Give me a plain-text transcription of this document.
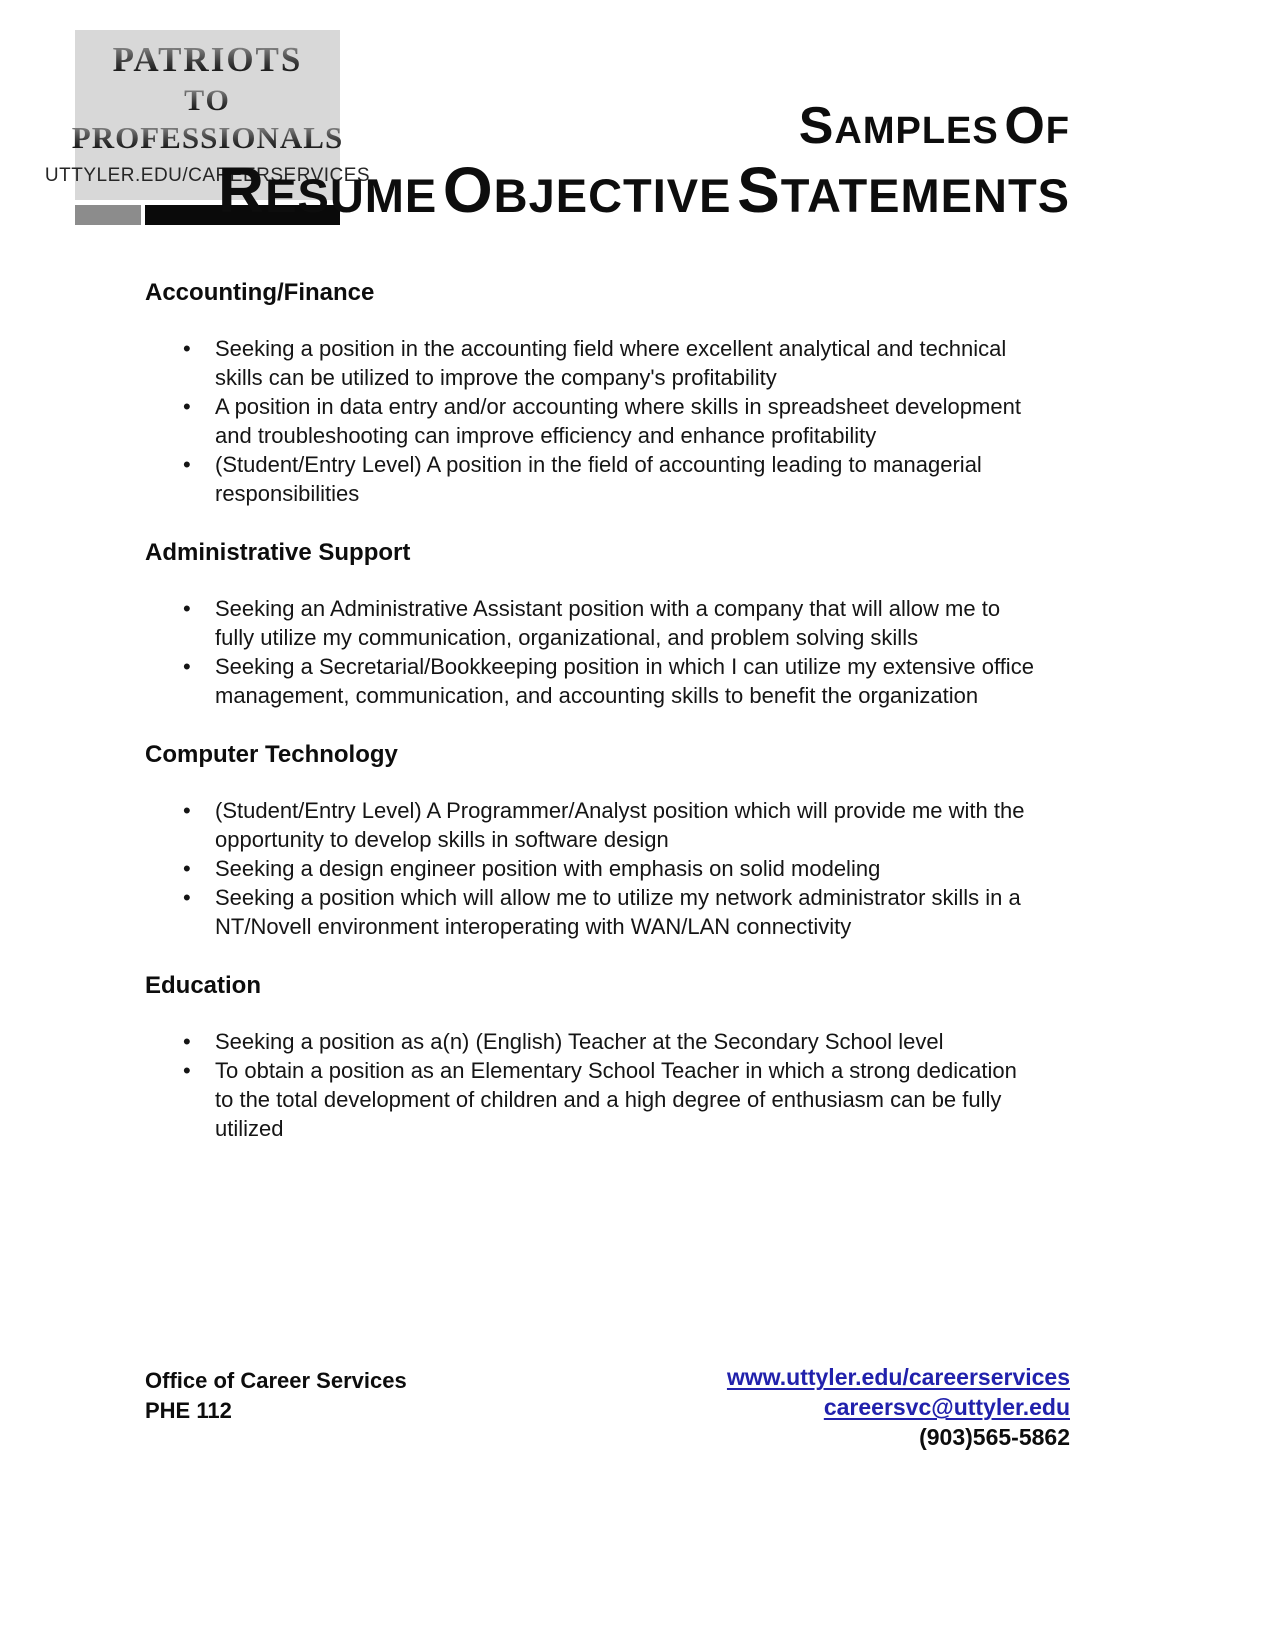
PATRIOTS
TO
PROFESSIONALS
UTTYLER.EDU/CAREERSERVICES
SAMPLES OF
RESUMEOBJECTIVESTATEMENTS
Accounting/Finance
• Seeking a position in the accounting field where excellent analytical and technical skills can be utilized to improve the company's profitability
• A position in data entry and/or accounting where skills in spreadsheet development and troubleshooting can improve efficiency and enhance profitability
• (Student/Entry Level) A position in the field of accounting leading to managerial responsibilities
Administrative Support
• Seeking an Administrative Assistant position with a company that will allow me to fully utilize my communication, organizational, and problem solving skills
• Seeking a Secretarial/Bookkeeping position in which I can utilize my extensive office management, communication, and accounting skills to benefit the organization
Computer Technology
• (Student/Entry Level) A Programmer/Analyst position which will provide me with the opportunity to develop skills in software design
• Seeking a design engineer position with emphasis on solid modeling
• Seeking a position which will allow me to utilize my network administrator skills in a NT/Novell environment interoperating with WAN/LAN connectivity
Education
• Seeking a position as a(n) (English) Teacher at the Secondary School level
• To obtain a position as an Elementary School Teacher in which a strong dedication to the total development of children and a high degree of enthusiasm can be fully utilized
Office of Career Services
PHE 112
www.uttyler.edu/careerservices
careersvc@uttyler.edu
(903)565-5862
